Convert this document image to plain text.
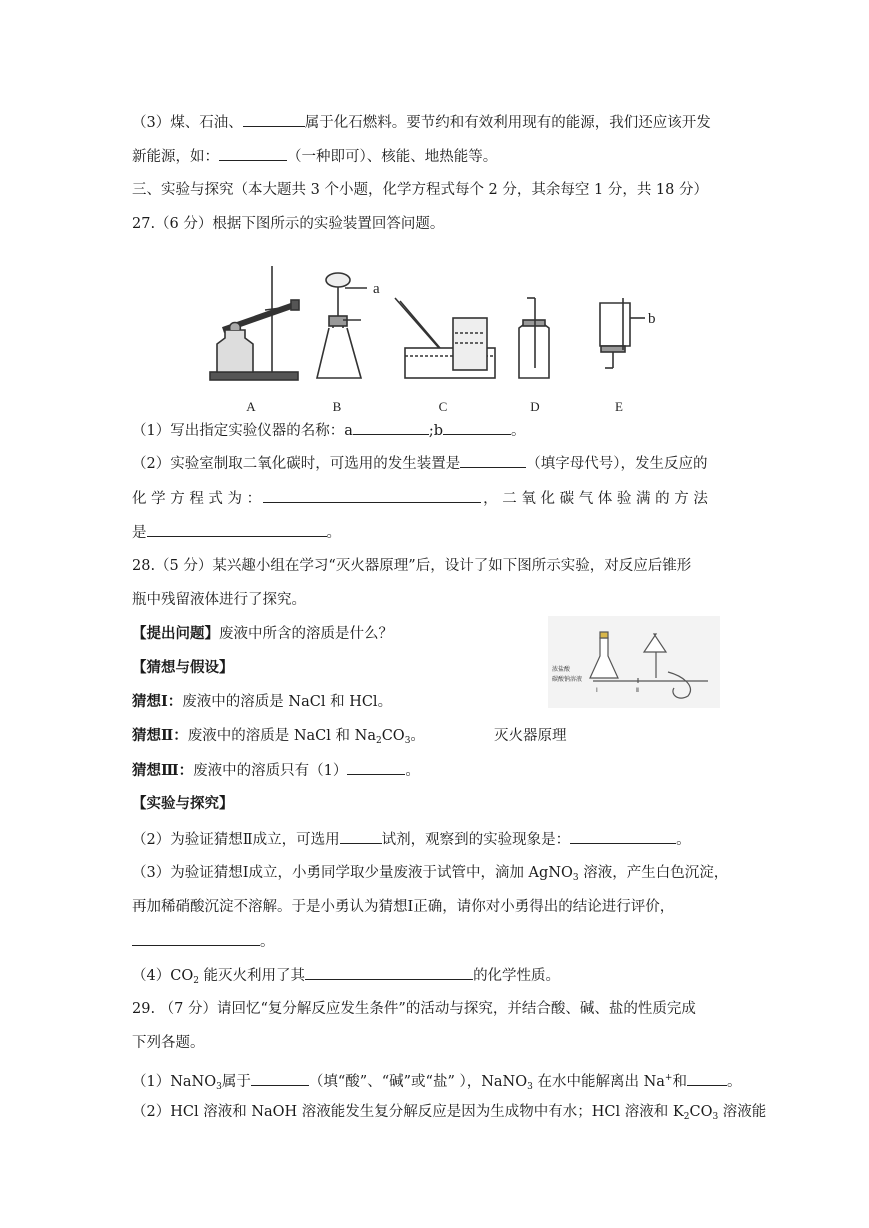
（3）煤、石油、	属于化石燃料。要节约和有效利用现有的能源，我们还应该开发
新能源，如：	（一种即可）、核能、地热能等。
三、实验与探究（本大题共 3 个小题，化学方程式每个 2 分，其余每空 1 分，共 18 分）
27.（6 分）根据下图所示的实验装置回答问题。
a
b
A	B	C	D	E
（1）写出指定实验仪器的名称：a	;b	。
（2）实验室制取二氧化碳时，可选用的发生装置是	（填字母代号），发生反应的
化 学 方 程 式 为 ：	， 二 氧 化 碳 气 体 验 满 的 方 法
是	。
28.（5 分）某兴趣小组在学习“灭火器原理”后，设计了如下图所示实验，对反应后锥形
瓶中残留液体进行了探究。
【提出问题】废液中所含的溶质是什么？
【猜想与假设】
猜想Ⅰ：废液中的溶质是 NaCl 和 HCl。
猜想Ⅱ：废液中的溶质是 NaCl 和 $Na_2CO_3$。
浓盐酸
碳酸钠溶液
Ⅰ	Ⅱ
灭火器原理
猜想Ⅲ：废液中的溶质只有（1）	。
【实验与探究】
（2）为验证猜想Ⅱ成立，可选用	试剂，观察到的实验现象是：	。
（3）为验证猜想Ⅰ成立，小勇同学取少量废液于试管中，滴加 AgNO$_3$ 溶液，产生白色沉淀，
再加稀硝酸沉淀不溶解。于是小勇认为猜想Ⅰ正确，请你对小勇得出的结论进行评价，
。
$(4)CO_2$ 能灭火利用了其	的化学性质。
29. （7 分）请回忆“复分解反应发生条件”的活动与探究，并结合酸、碱、盐的性质完成
下列各题。
（1）NaNO$_3$属于	（填“酸”、“碱”或“盐” ），NaNO$_3$ 在水中能解离出 Na+和	。
（2）HCl 溶液和 NaOH 溶液能发生复分解反应是因为生成物中有水；HCl 溶液和 $K_2CO_3$ 溶液能
